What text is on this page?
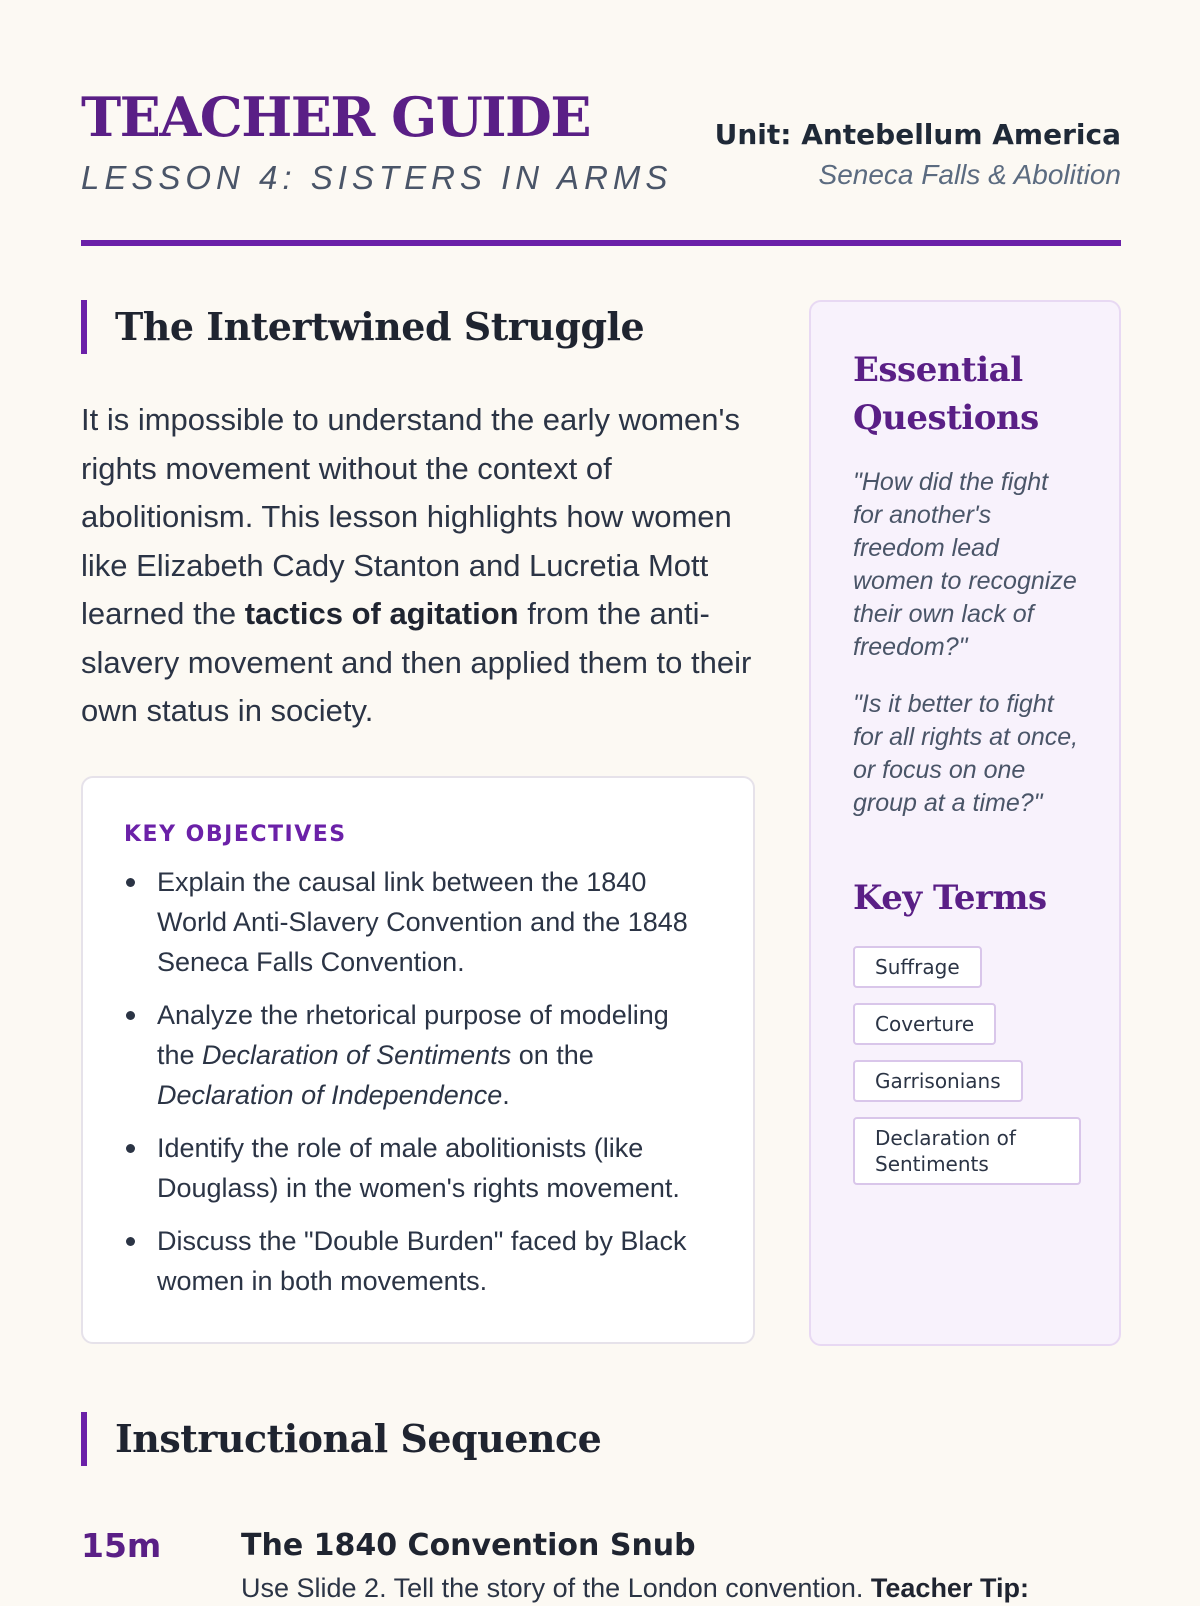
TEACHER GUIDE
LESSON 4: SISTERS IN ARMS
Unit: Antebellum America
Seneca Falls & Abolition
The Intertwined Struggle

It is impossible to understand the early women's rights movement without the context of abolitionism. This lesson highlights how women like Elizabeth Cady Stanton and Lucretia Mott learned the tactics of agitation from the anti-slavery movement and then applied them to their own status in society.

KEY OBJECTIVES
Explain the causal link between the 1840 World Anti-Slavery Convention and the 1848 Seneca Falls Convention.
Analyze the rhetorical purpose of modeling the Declaration of Sentiments on the Declaration of Independence.
Identify the role of male abolitionists (like Douglass) in the women's rights movement.
Discuss the "Double Burden" faced by Black women in both movements.
Essential Questions
"How did the fight for another's freedom lead women to recognize their own lack of freedom?"
"Is it better to fight for all rights at once, or focus on one group at a time?"
Key Terms
Suffrage
Coverture
Garrisonians
Declaration of Sentiments
Instructional Sequence
15m	The 1840 Convention Snub
Use Slide 2. Tell the story of the London convention. Teacher Tip:
